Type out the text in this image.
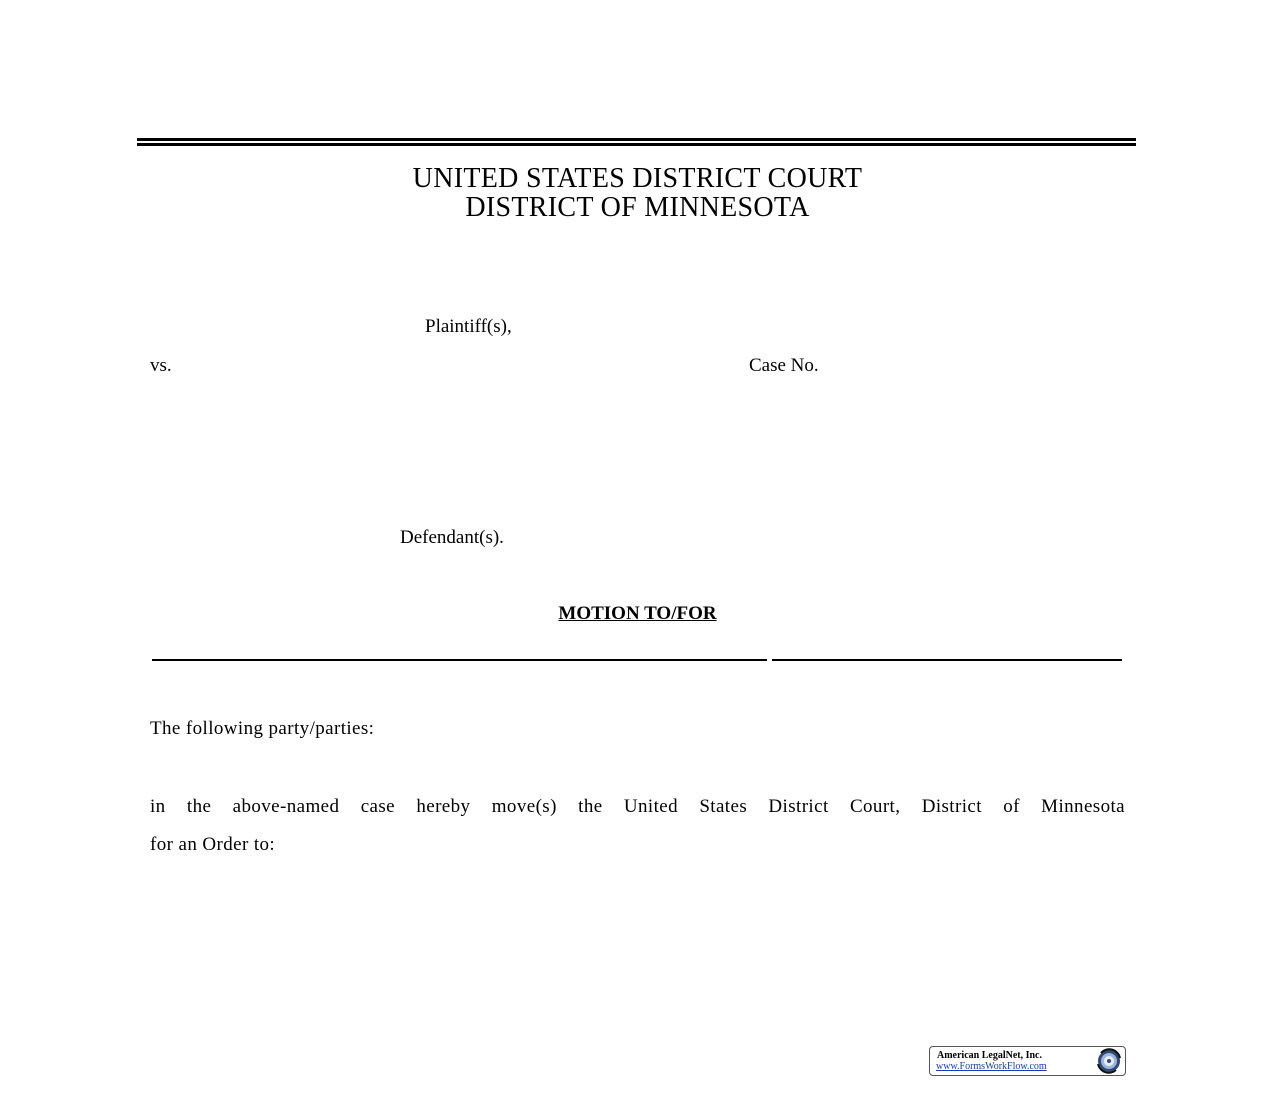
UNITED STATES DISTRICT COURT
DISTRICT OF MINNESOTA
Plaintiff(s),
vs.	Case No.
Defendant(s).
MOTION TO/FOR
The following party/parties:
in the above-named case hereby move(s) the United States District Court, District of Minnesota
for an Order to:
American LegalNet, Inc.
www.FormsWorkFlow.com
